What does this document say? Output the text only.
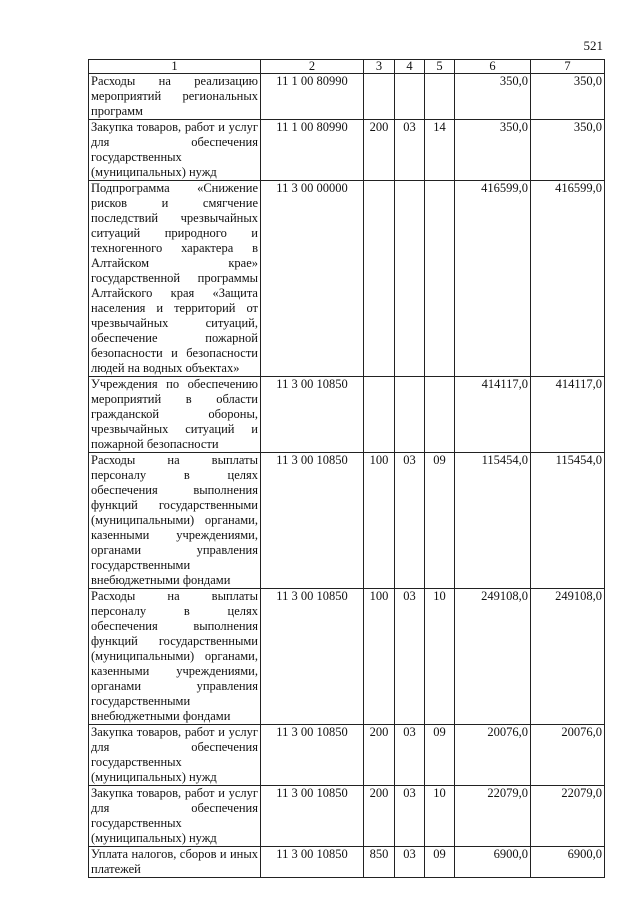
521
1	2	3	4	5	6	7
Расходы на реализацию мероприятий региональных программ	11 1 00 80990				350,0	350,0
Закупка товаров, работ и услуг для обеспечения государственных (муниципальных) нужд	11 1 00 80990	200	03	14	350,0	350,0
Подпрограмма «Снижение рисков и смягчение последствий чрезвычайных ситуаций природного и техногенного характера в Алтайском крае» государственной программы Алтайского края «Защита населения и территорий от чрезвычайных ситуаций, обеспечение пожарной безопасности и безопасности людей на водных объектах»	11 3 00 00000				416599,0	416599,0
Учреждения по обеспечению мероприятий в области гражданской обороны, чрезвычайных ситуаций и пожарной безопасности	11 3 00 10850				414117,0	414117,0
Расходы на выплаты персоналу в целях обеспечения выполнения функций государственными (муниципальными) органами, казенными учреждениями, органами управления государственными внебюджетными фондами	11 3 00 10850	100	03	09	115454,0	115454,0
Расходы на выплаты персоналу в целях обеспечения выполнения функций государственными (муниципальными) органами, казенными учреждениями, органами управления государственными внебюджетными фондами	11 3 00 10850	100	03	10	249108,0	249108,0
Закупка товаров, работ и услуг для обеспечения государственных (муниципальных) нужд	11 3 00 10850	200	03	09	20076,0	20076,0
Закупка товаров, работ и услуг для обеспечения государственных (муниципальных) нужд	11 3 00 10850	200	03	10	22079,0	22079,0
Уплата налогов, сборов и иных платежей	11 3 00 10850	850	03	09	6900,0	6900,0
